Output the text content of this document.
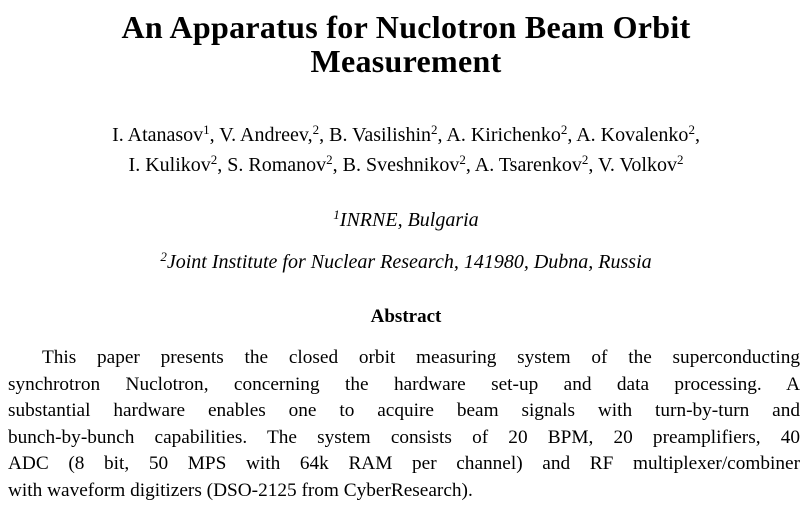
An Apparatus for Nuclotron Beam Orbit
Measurement
I. Atanasov$^1$, V. Andreev,$^2$, B. Vasilishin$^2$, A. Kirichenko$^2$, A. Kovalenko$^2$,
I. Kulikov$^2$, S. Romanov$^2$, B. Sveshnikov$^2$, A. Tsarenkov$^2$, V. Volkov$^2$
$^1$INRNE, Bulgaria
$^2$Joint Institute for Nuclear Research, 141980, Dubna, Russia
Abstract
This paper presents the closed orbit measuring system of the superconducting
synchrotron Nuclotron, concerning the hardware set-up and data processing. A
substantial hardware enables one to acquire beam signals with turn-by-turn and
bunch-by-bunch capabilities. The system consists of 20 BPM, 20 preamplifiers, 40
ADC (8 bit, 50 MPS with 64k RAM per channel) and RF multiplexer/combiner
with waveform digitizers (DSO-2125 from CyberResearch).
